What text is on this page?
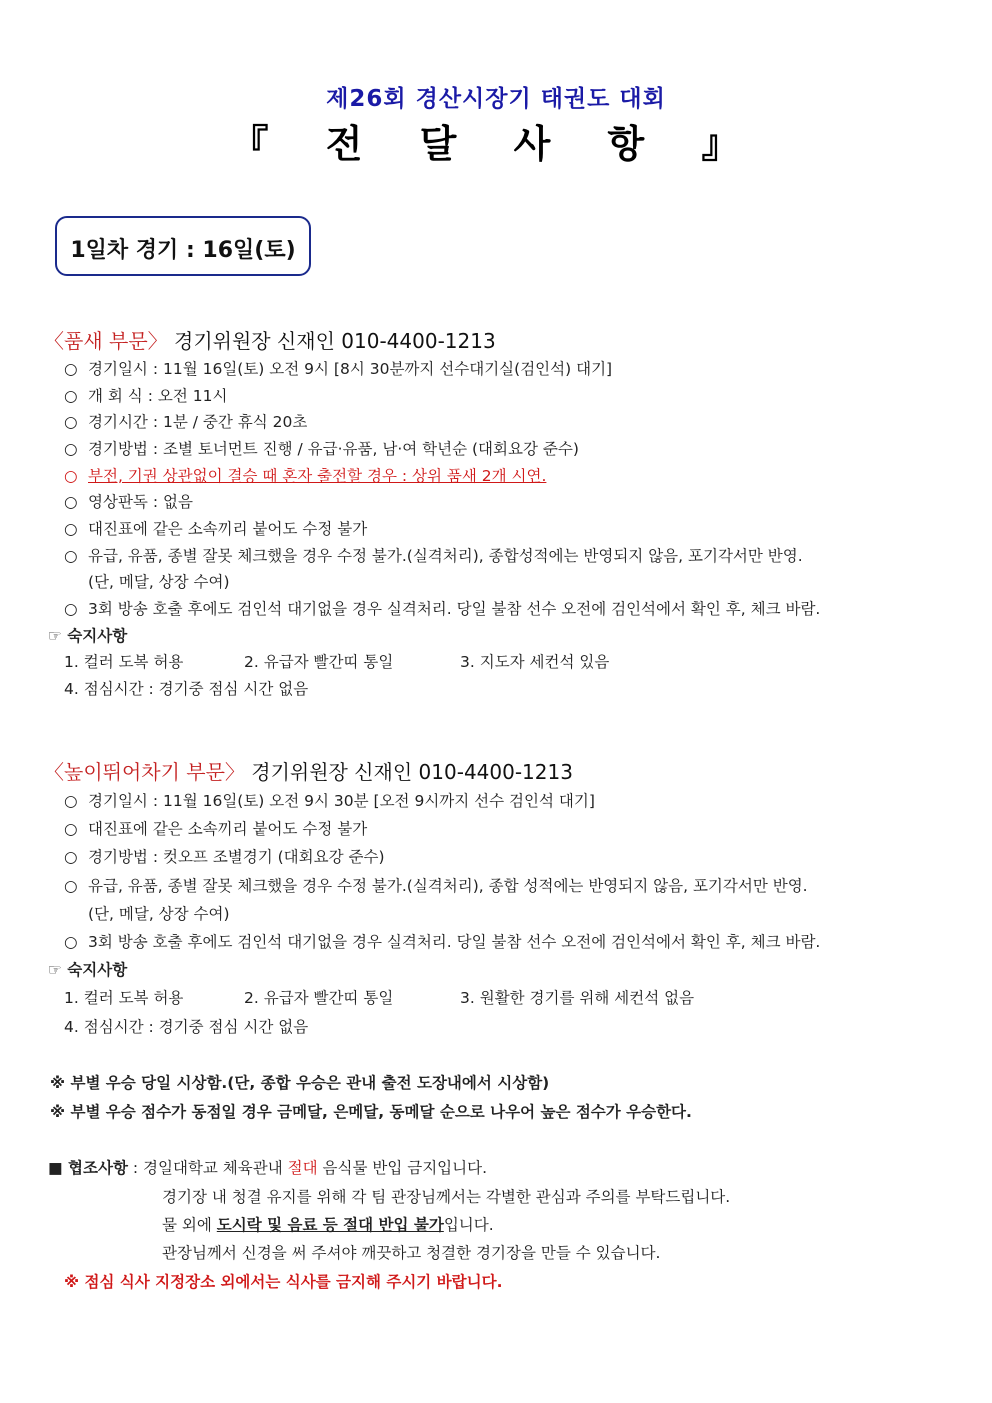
제26회 경산시장기 태권도 대회
『 전 달 사 항 』
1일차 경기 : 16일(토)
〈품새 부문〉 경기위원장 신재인 010-4400-1213
○ 경기일시 : 11월 16일(토) 오전 9시 [8시 30분까지 선수대기실(검인석) 대기]
○ 개 회 식 : 오전 11시
○ 경기시간 : 1분 / 중간 휴식 20초
○ 경기방법 : 조별 토너먼트 진행 / 유급·유품, 남·여 학년순 (대회요강 준수)
○ 부전, 기권 상관없이 결승 때 혼자 출전할 경우 : 상위 품새 2개 시연.
○ 영상판독 : 없음
○ 대진표에 같은 소속끼리 붙어도 수정 불가
○ 유급, 유품, 종별 잘못 체크했을 경우 수정 불가.(실격처리), 종합성적에는 반영되지 않음, 포기각서만 반영.
(단, 메달, 상장 수여)
○ 3회 방송 호출 후에도 검인석 대기없을 경우 실격처리. 당일 불참 선수 오전에 검인석에서 확인 후, 체크 바람.
☞ 숙지사항
1. 컬러 도복 허용	2. 유급자 빨간띠 통일	3. 지도자 세컨석 있음
4. 점심시간 : 경기중 점심 시간 없음
〈높이뛰어차기 부문〉 경기위원장 신재인 010-4400-1213
○ 경기일시 : 11월 16일(토) 오전 9시 30분 [오전 9시까지 선수 검인석 대기]
○ 대진표에 같은 소속끼리 붙어도 수정 불가
○ 경기방법 : 컷오프 조별경기 (대회요강 준수)
○ 유급, 유품, 종별 잘못 체크했을 경우 수정 불가.(실격처리), 종합 성적에는 반영되지 않음, 포기각서만 반영.
(단, 메달, 상장 수여)
○ 3회 방송 호출 후에도 검인석 대기없을 경우 실격처리. 당일 불참 선수 오전에 검인석에서 확인 후, 체크 바람.
☞ 숙지사항
1. 컬러 도복 허용	2. 유급자 빨간띠 통일	3. 원활한 경기를 위해 세컨석 없음
4. 점심시간 : 경기중 점심 시간 없음
※ 부별 우승 당일 시상함.(단, 종합 우승은 관내 출전 도장내에서 시상함)
※ 부별 우승 점수가 동점일 경우 금메달, 은메달, 동메달 순으로 나우어 높은 점수가 우승한다.
■ 협조사항 : 경일대학교 체육관내 절대 음식물 반입 금지입니다.
경기장 내 청결 유지를 위해 각 팀 관장님께서는 각별한 관심과 주의를 부탁드립니다.
물 외에 도시락 및 음료 등 절대 반입 불가입니다.
관장님께서 신경을 써 주셔야 깨끗하고 청결한 경기장을 만들 수 있습니다.
※ 점심 식사 지정장소 외에서는 식사를 금지해 주시기 바랍니다.
